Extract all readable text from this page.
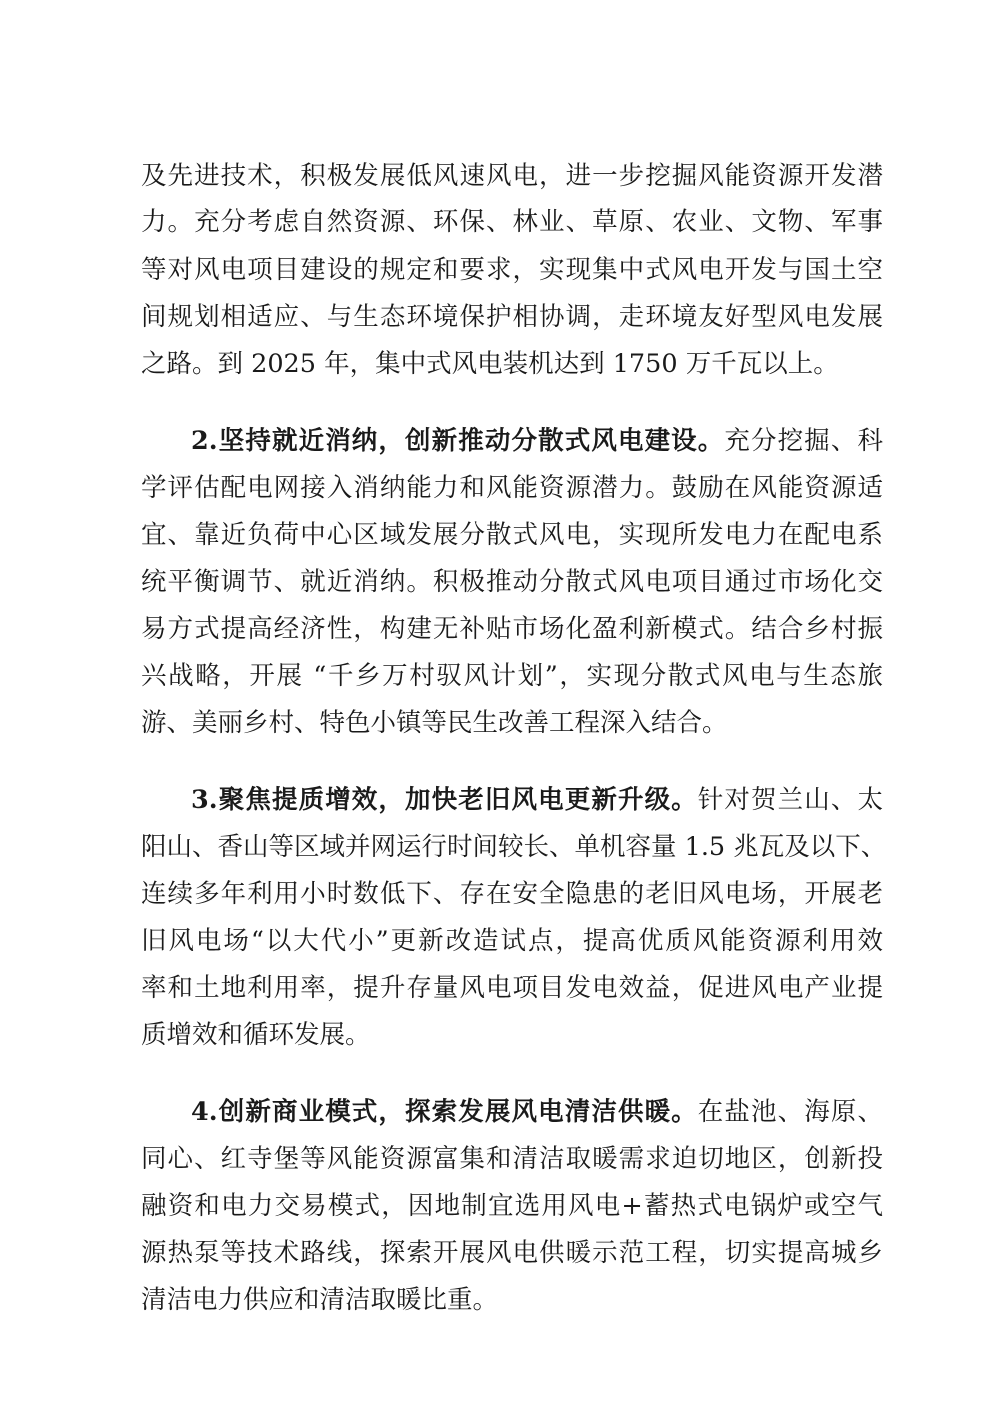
及先进技术，积极发展低风速风电，进一步挖掘风能资源开发潜
力。充分考虑自然资源、环保、林业、草原、农业、文物、军事
等对风电项目建设的规定和要求，实现集中式风电开发与国土空
间规划相适应、与生态环境保护相协调，走环境友好型风电发展
之路。到 2025 年，集中式风电装机达到 1750 万千瓦以上。
2.坚持就近消纳，创新推动分散式风电建设。充分挖掘、科
学评估配电网接入消纳能力和风能资源潜力。鼓励在风能资源适
宜、靠近负荷中心区域发展分散式风电，实现所发电力在配电系
统平衡调节、就近消纳。积极推动分散式风电项目通过市场化交
易方式提高经济性，构建无补贴市场化盈利新模式。结合乡村振
兴战略，开展 “千乡万村驭风计划”，实现分散式风电与生态旅
游、美丽乡村、特色小镇等民生改善工程深入结合。
3.聚焦提质增效，加快老旧风电更新升级。针对贺兰山、太
阳山、香山等区域并网运行时间较长、单机容量 1.5 兆瓦及以下、
连续多年利用小时数低下、存在安全隐患的老旧风电场，开展老
旧风电场“以大代小”更新改造试点，提高优质风能资源利用效
率和土地利用率，提升存量风电项目发电效益，促进风电产业提
质增效和循环发展。
4.创新商业模式，探索发展风电清洁供暖。在盐池、海原、
同心、红寺堡等风能资源富集和清洁取暖需求迫切地区，创新投
融资和电力交易模式，因地制宜选用风电+蓄热式电锅炉或空气
源热泵等技术路线，探索开展风电供暖示范工程，切实提高城乡
清洁电力供应和清洁取暖比重。
